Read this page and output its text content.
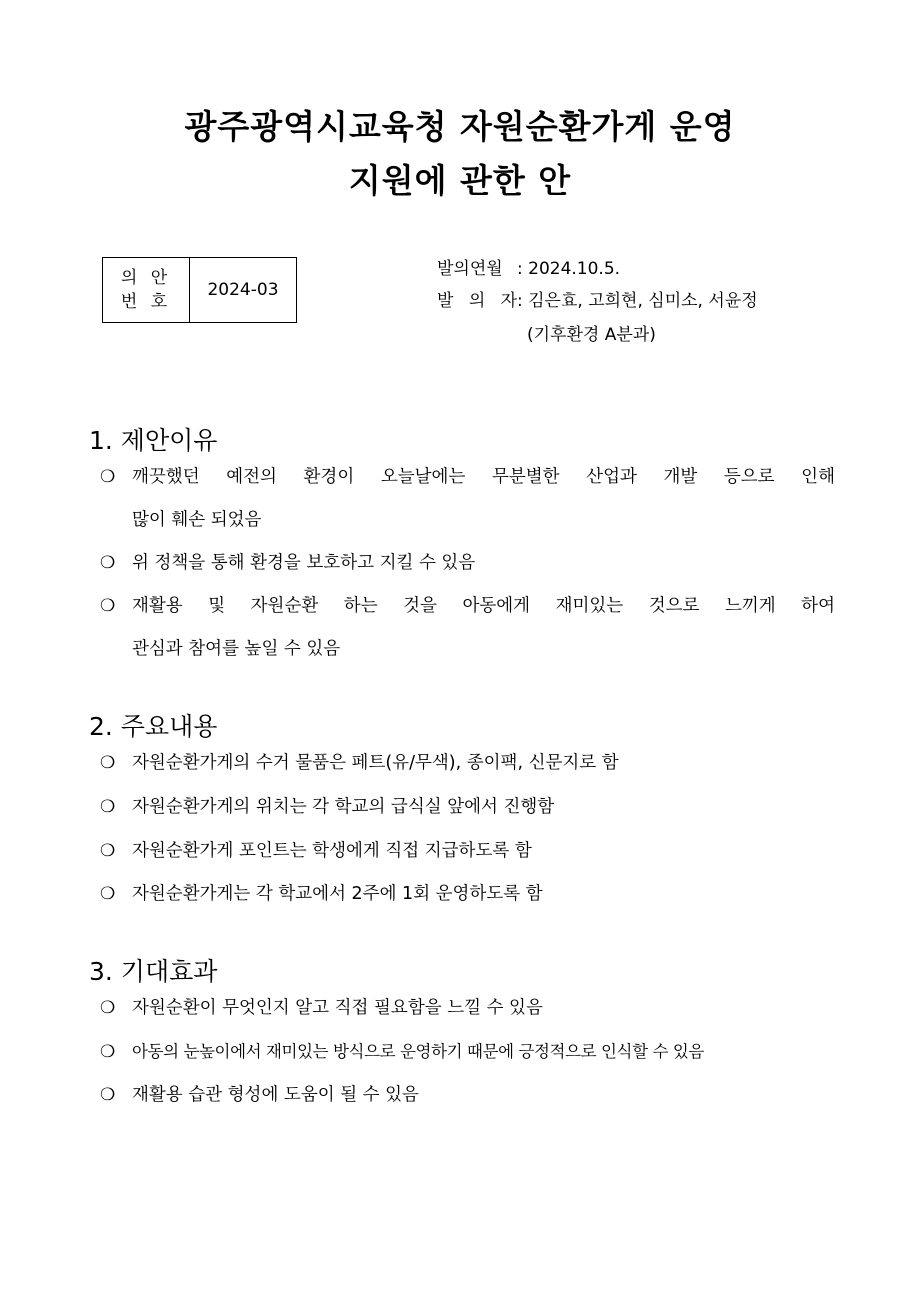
광주광역시교육청 자원순환가게 운영
지원에 관한 안
의 안
번 호
	2024-03
발의연월 : 2024.10.5.
발 의 자: 김은효, 고희현, 심미소, 서윤정
(기후환경 A분과)
1. 제안이유
❍ 깨끗했던 예전의 환경이 오늘날에는 무분별한 산업과 개발 등으로 인해
많이 훼손 되었음
❍ 위 정책을 통해 환경을 보호하고 지킬 수 있음
❍ 재활용 및 자원순환 하는 것을 아동에게 재미있는 것으로 느끼게 하여
관심과 참여를 높일 수 있음
2. 주요내용
❍ 자원순환가게의 수거 물품은 페트(유/무색), 종이팩, 신문지로 함
❍ 자원순환가게의 위치는 각 학교의 급식실 앞에서 진행함
❍ 자원순환가게 포인트는 학생에게 직접 지급하도록 함
❍ 자원순환가게는 각 학교에서 2주에 1회 운영하도록 함
3. 기대효과
❍ 자원순환이 무엇인지 알고 직접 필요함을 느낄 수 있음
❍ 아동의 눈높이에서 재미있는 방식으로 운영하기 때문에 긍정적으로 인식할 수 있음
❍ 재활용 습관 형성에 도움이 될 수 있음
